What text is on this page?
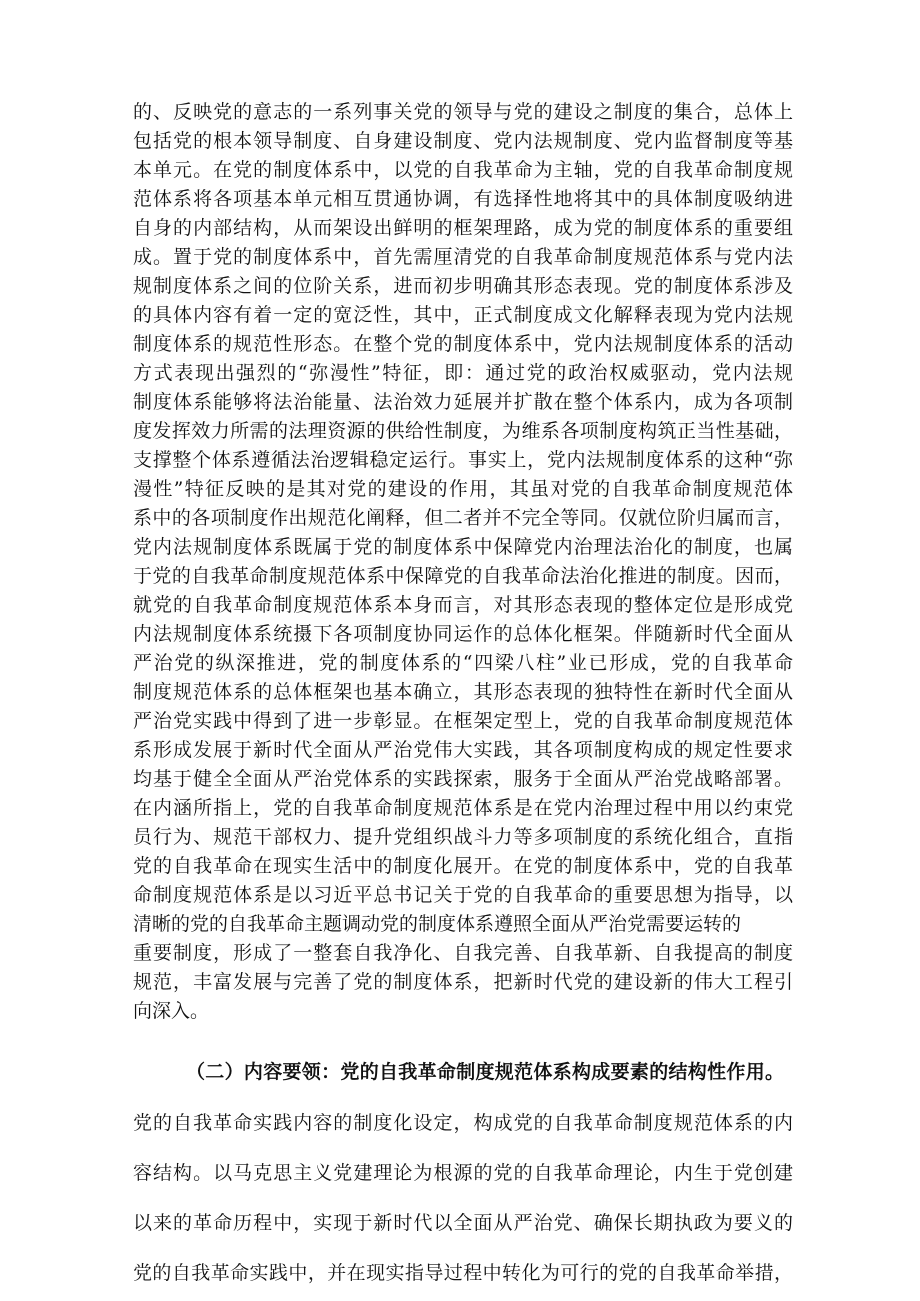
的、反映党的意志的一系列事关党的领导与党的建设之制度的集合，总体上
包括党的根本领导制度、自身建设制度、党内法规制度、党内监督制度等基
本单元。在党的制度体系中，以党的自我革命为主轴，党的自我革命制度规
范体系将各项基本单元相互贯通协调，有选择性地将其中的具体制度吸纳进
自身的内部结构，从而架设出鲜明的框架理路，成为党的制度体系的重要组
成。置于党的制度体系中，首先需厘清党的自我革命制度规范体系与党内法
规制度体系之间的位阶关系，进而初步明确其形态表现。党的制度体系涉及
的具体内容有着一定的宽泛性，其中，正式制度成文化解释表现为党内法规
制度体系的规范性形态。在整个党的制度体系中，党内法规制度体系的活动
方式表现出强烈的“弥漫性”特征，即：通过党的政治权威驱动，党内法规
制度体系能够将法治能量、法治效力延展并扩散在整个体系内，成为各项制
度发挥效力所需的法理资源的供给性制度，为维系各项制度构筑正当性基础，
支撑整个体系遵循法治逻辑稳定运行。事实上，党内法规制度体系的这种“弥
漫性”特征反映的是其对党的建设的作用，其虽对党的自我革命制度规范体
系中的各项制度作出规范化阐释，但二者并不完全等同。仅就位阶归属而言，
党内法规制度体系既属于党的制度体系中保障党内治理法治化的制度，也属
于党的自我革命制度规范体系中保障党的自我革命法治化推进的制度。因而，
就党的自我革命制度规范体系本身而言，对其形态表现的整体定位是形成党
内法规制度体系统摄下各项制度协同运作的总体化框架。伴随新时代全面从
严治党的纵深推进，党的制度体系的“四梁八柱”业已形成，党的自我革命
制度规范体系的总体框架也基本确立，其形态表现的独特性在新时代全面从
严治党实践中得到了进一步彰显。在框架定型上，党的自我革命制度规范体
系形成发展于新时代全面从严治党伟大实践，其各项制度构成的规定性要求
均基于健全全面从严治党体系的实践探索，服务于全面从严治党战略部署。
在内涵所指上，党的自我革命制度规范体系是在党内治理过程中用以约束党
员行为、规范干部权力、提升党组织战斗力等多项制度的系统化组合，直指
党的自我革命在现实生活中的制度化展开。在党的制度体系中，党的自我革
命制度规范体系是以习近平总书记关于党的自我革命的重要思想为指导，以
清晰的党的自我革命主题调动党的制度体系遵照全面从严治党需要运转的
重要制度，形成了一整套自我净化、自我完善、自我革新、自我提高的制度
规范，丰富发展与完善了党的制度体系，把新时代党的建设新的伟大工程引
向深入。
（二）内容要领：党的自我革命制度规范体系构成要素的结构性作用。
党的自我革命实践内容的制度化设定，构成党的自我革命制度规范体系的内
容结构。以马克思主义党建理论为根源的党的自我革命理论，内生于党创建
以来的革命历程中，实现于新时代以全面从严治党、确保长期执政为要义的
党的自我革命实践中，并在现实指导过程中转化为可行的党的自我革命举措，
